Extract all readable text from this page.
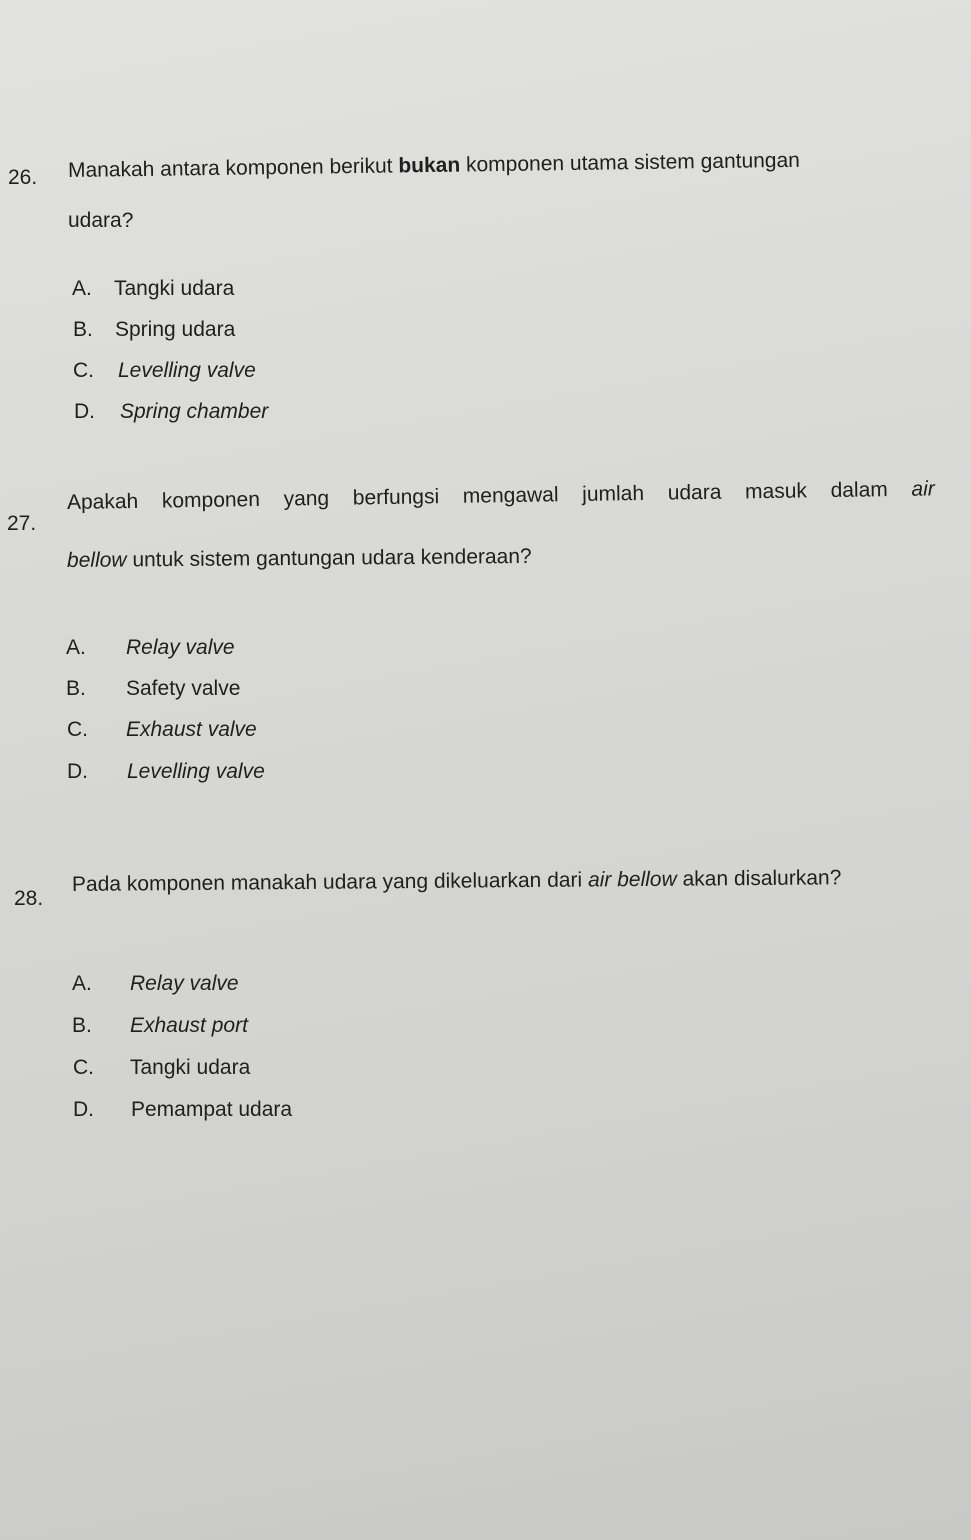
26. Manakah antara komponen berikut bukan komponen utama sistem gantungan
udara?
A. Tangki udara
B. Spring udara
C. Levelling valve
D. Spring chamber
27.
Apakah komponen yang berfungsi mengawal jumlah udara masuk dalam air
bellow untuk sistem gantungan udara kenderaan?
A. Relay valve
B. Safety valve
C. Exhaust valve
D. Levelling valve
28.
Pada komponen manakah udara yang dikeluarkan dari air bellow akan disalurkan?
A. Relay valve
B. Exhaust port
C. Tangki udara
D. Pemampat udara
